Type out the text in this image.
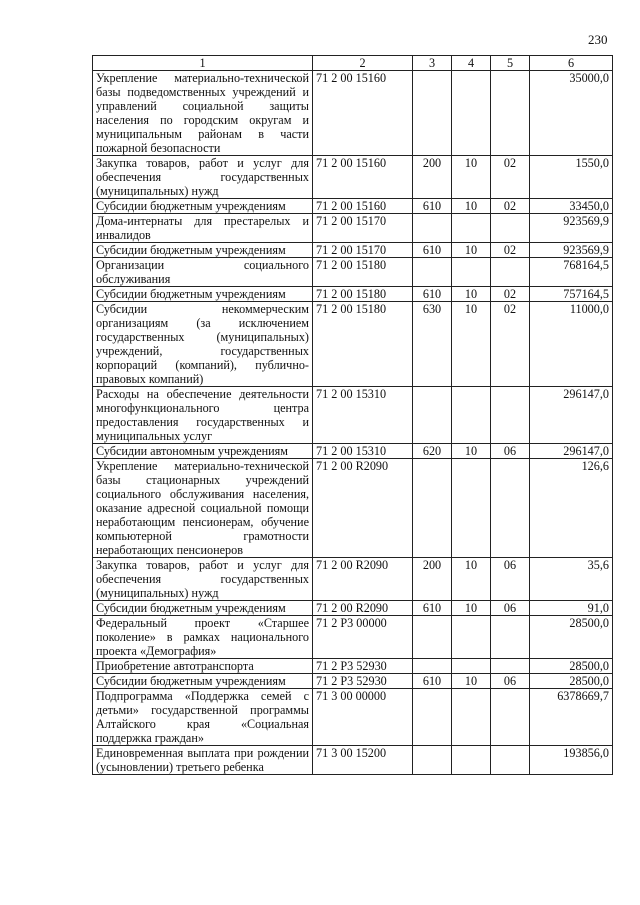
230
1	2	3	4	5	6
Укрепление материально-технической базы подведомственных учреждений и управлений социальной защиты населения по городским округам и муниципальным районам в части пожарной безопасности	71 2 00 15160				35000,0
Закупка товаров, работ и услуг для обеспечения государственных (муниципальных) нужд	71 2 00 15160	200	10	02	1550,0
Субсидии бюджетным учреждениям	71 2 00 15160	610	10	02	33450,0
Дома-интернаты для престарелых и инвалидов	71 2 00 15170				923569,9
Субсидии бюджетным учреждениям	71 2 00 15170	610	10	02	923569,9
Организации социального обслуживания	71 2 00 15180				768164,5
Субсидии бюджетным учреждениям	71 2 00 15180	610	10	02	757164,5
Субсидии некоммерческим организациям (за исключением государственных (муниципальных) учреждений, государственных корпораций (компаний), публично-правовых компаний)	71 2 00 15180	630	10	02	11000,0
Расходы на обеспечение деятельности многофункционального центра предоставления государственных и муниципальных услуг	71 2 00 15310				296147,0
Субсидии автономным учреждениям	71 2 00 15310	620	10	06	296147,0
Укрепление материально-технической базы стационарных учреждений социального обслуживания населения, оказание адресной социальной помощи неработающим пенсионерам, обучение компьютерной грамотности неработающих пенсионеров	71 2 00 R2090				126,6
Закупка товаров, работ и услуг для обеспечения государственных (муниципальных) нужд	71 2 00 R2090	200	10	06	35,6
Субсидии бюджетным учреждениям	71 2 00 R2090	610	10	06	91,0
Федеральный проект «Старшее поколение» в рамках национального проекта «Демография»	71 2 P3 00000				28500,0
Приобретение автотранспорта	71 2 P3 52930				28500,0
Субсидии бюджетным учреждениям	71 2 P3 52930	610	10	06	28500,0
Подпрограмма «Поддержка семей с детьми» государственной программы Алтайского края «Социальная поддержка граждан»	71 3 00 00000				6378669,7
Единовременная выплата при рождении (усыновлении) третьего ребенка	71 3 00 15200				193856,0
